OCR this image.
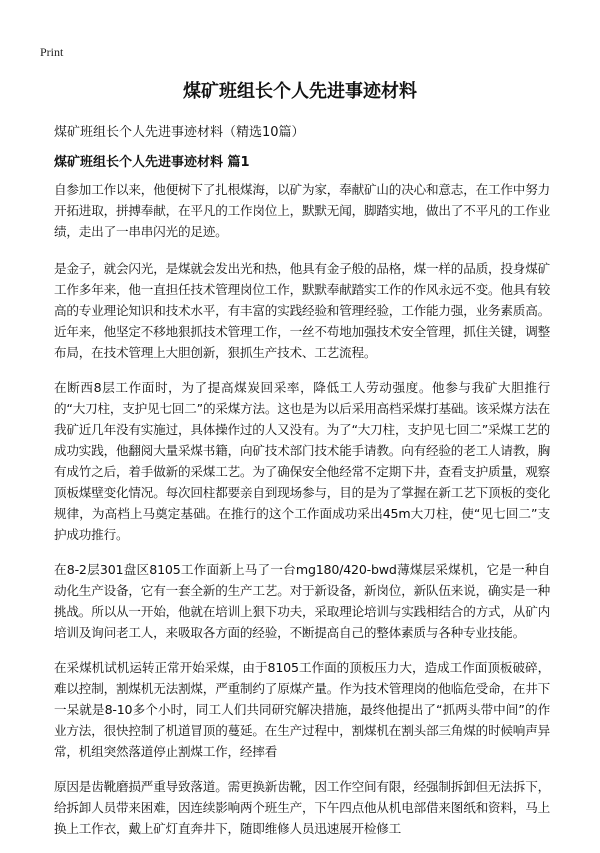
Print
煤矿班组长个人先进事迹材料

煤矿班组长个人先进事迹材料（精选10篇）

煤矿班组长个人先进事迹材料 篇1

自参加工作以来，他便树下了扎根煤海，以矿为家，奉献矿山的决心和意志，在工作中努力开拓进取，拼搏奉献，在平凡的工作岗位上，默默无闻，脚踏实地，做出了不平凡的工作业绩，走出了一串串闪光的足迹。

是金子，就会闪光，是煤就会发出光和热，他具有金子般的品格，煤一样的品质，投身煤矿工作多年来，他一直担任技术管理岗位工作，默默奉献踏实工作的作风永远不变。他具有较高的专业理论知识和技术水平，有丰富的实践经验和管理经验，工作能力强，业务素质高。近年来，他坚定不移地狠抓技术管理工作，一丝不苟地加强技术安全管理，抓住关键，调整布局，在技术管理上大胆创新，狠抓生产技术、工艺流程。

在断西8层工作面时，为了提高煤炭回采率，降低工人劳动强度。他参与我矿大胆推行的“大刀柱，支护见七回二”的采煤方法。这也是为以后采用高档采煤打基础。该采煤方法在我矿近几年没有实施过，具体操作过的人又没有。为了“大刀柱，支护见七回二”采煤工艺的成功实践，他翻阅大量采煤书籍，向矿技术部门技术能手请教。向有经验的老工人请教，胸有成竹之后，着手做新的采煤工艺。为了确保安全他经常不定期下井，查看支护质量，观察顶板煤壁变化情况。每次回柱都要亲自到现场参与，目的是为了掌握在新工艺下顶板的变化规律，为高档上马奠定基础。在推行的这个工作面成功采出45m大刀柱，使“见七回二”支护成功推行。

在8-2层301盘区8105工作面新上马了一台mg180/420-bwd薄煤层采煤机，它是一种自动化生产设备，它有一套全新的生产工艺。对于新设备，新岗位，新队伍来说，确实是一种挑战。所以从一开始，他就在培训上狠下功夫，采取理论培训与实践相结合的方式，从矿内培训及询问老工人，来吸取各方面的经验，不断提高自己的整体素质与各种专业技能。

在采煤机试机运转正常开始采煤，由于8105工作面的顶板压力大，造成工作面顶板破碎，难以控制，割煤机无法割煤，严重制约了原煤产量。作为技术管理岗的他临危受命，在井下一呆就是8-10多个小时，同工人们共同研究解决措施，最终他提出了“抓两头带中间”的作业方法，很快控制了机道冒顶的蔓延。在生产过程中，割煤机在割头部三角煤的时候响声异常，机组突然落道停止割煤工作，经摔看

原因是齿靴磨损严重导致落道。需更换新齿靴，因工作空间有限，经强制拆卸但无法拆下，给拆卸人员带来困难，因连续影响两个班生产，下午四点他从机电部借来图纸和资料，马上换上工作衣，戴上矿灯直奔井下，随即维修人员迅速展开检修工
